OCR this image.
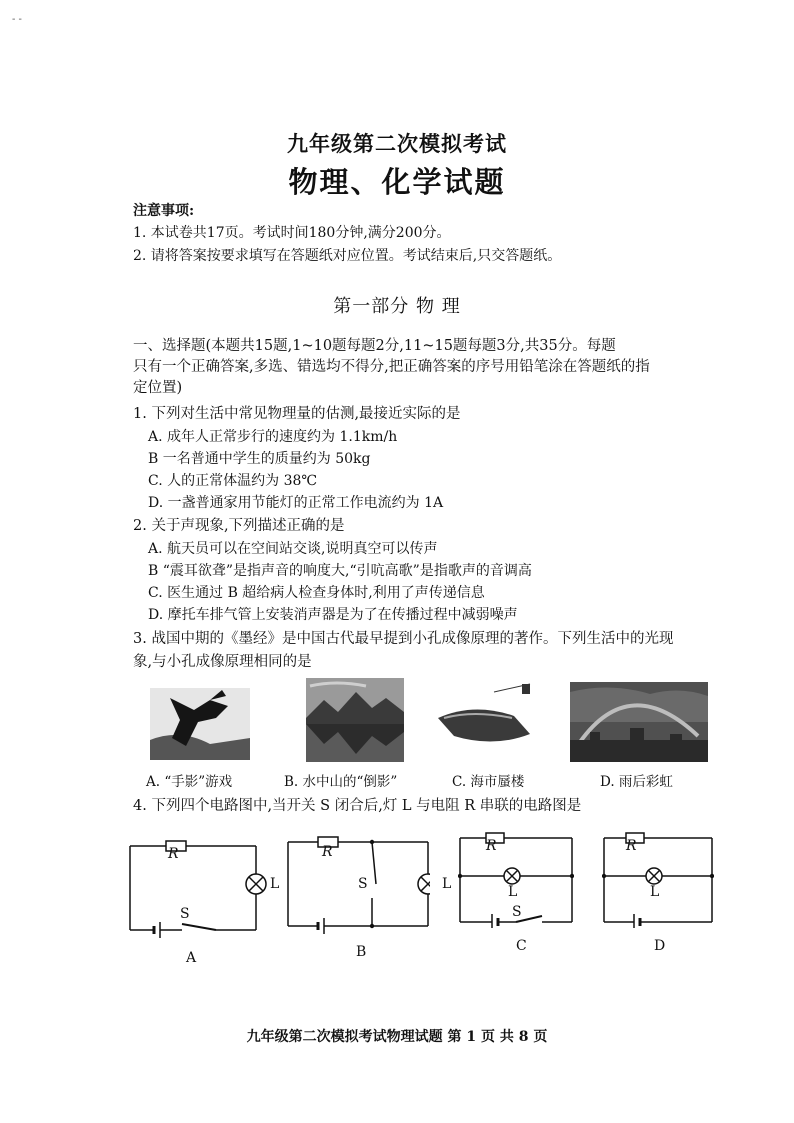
- -
九年级第二次模拟考试
物理、化学试题
注意事项:
1. 本试卷共17页。考试时间180分钟,满分200分。
2. 请将答案按要求填写在答题纸对应位置。考试结束后,只交答题纸。
第一部分 物 理
一、选择题(本题共15题,1~10题每题2分,11~15题每题3分,共35分。每题
只有一个正确答案,多选、错选均不得分,把正确答案的序号用铅笔涂在答题纸的指
定位置)
1. 下列对生活中常见物理量的估测,最接近实际的是
A. 成年人正常步行的速度约为 1.1km/h
B 一名普通中学生的质量约为 50kg
C. 人的正常体温约为 38℃
D. 一盏普通家用节能灯的正常工作电流约为 1A
2. 关于声现象,下列描述正确的是
A. 航天员可以在空间站交谈,说明真空可以传声
B “震耳欲聋”是指声音的响度大,“引吭高歌”是指歌声的音调高
C. 医生通过 B 超给病人检查身体时,利用了声传递信息
D. 摩托车排气管上安装消声器是为了在传播过程中减弱噪声
3. 战国中期的《墨经》是中国古代最早提到小孔成像原理的著作。下列生活中的光现
象,与小孔成像原理相同的是
A. “手影”游戏	B. 水中山的“倒影”	C. 海市蜃楼	D. 雨后彩虹
4. 下列四个电路图中,当开关 S 闭合后,灯 L 与电阻 R 串联的电路图是
R
L
S
A
R
L
S
B
R
L
S
C
R
L
D
九年级第二次模拟考试物理试题 第 1 页 共 8 页
